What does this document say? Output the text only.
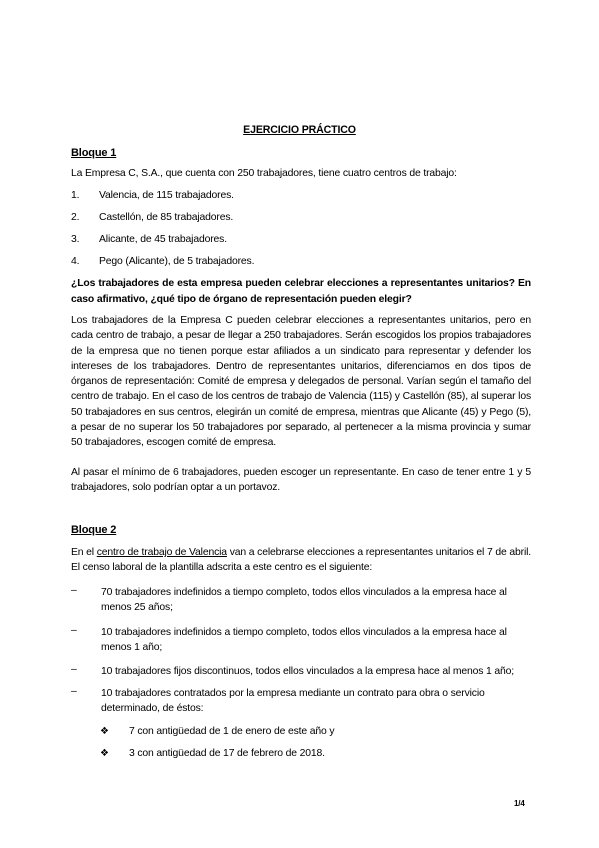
EJERCICIO PRÁCTICO
Bloque 1
La Empresa C, S.A., que cuenta con 250 trabajadores, tiene cuatro centros de trabajo:
1. Valencia, de 115 trabajadores.
2. Castellón, de 85 trabajadores.
3. Alicante, de 45 trabajadores.
4. Pego (Alicante), de 5 trabajadores.
¿Los trabajadores de esta empresa pueden celebrar elecciones a representantes unitarios? En caso afirmativo, ¿qué tipo de órgano de representación pueden elegir?
Los trabajadores de la Empresa C pueden celebrar elecciones a representantes unitarios, pero en cada centro de trabajo, a pesar de llegar a 250 trabajadores. Serán escogidos los propios trabajadores de la empresa que no tienen porque estar afiliados a un sindicato para representar y defender los intereses de los trabajadores. Dentro de representantes unitarios, diferenciamos en dos tipos de órganos de representación: Comité de empresa y delegados de personal. Varían según el tamaño del centro de trabajo. En el caso de los centros de trabajo de Valencia (115) y Castellón (85), al superar los 50 trabajadores en sus centros, elegirán un comité de empresa, mientras que Alicante (45) y Pego (5), a pesar de no superar los 50 trabajadores por separado, al pertenecer a la misma provincia y sumar 50 trabajadores, escogen comité de empresa.
Al pasar el mínimo de 6 trabajadores, pueden escoger un representante. En caso de tener entre 1 y 5 trabajadores, solo podrían optar a un portavoz.
Bloque 2
En el centro de trabajo de Valencia van a celebrarse elecciones a representantes unitarios el 7 de abril. El censo laboral de la plantilla adscrita a este centro es el siguiente:
– 70 trabajadores indefinidos a tiempo completo, todos ellos vinculados a la empresa hace al menos 25 años;
– 10 trabajadores indefinidos a tiempo completo, todos ellos vinculados a la empresa hace al menos 1 año;
– 10 trabajadores fijos discontinuos, todos ellos vinculados a la empresa hace al menos 1 año;
– 10 trabajadores contratados por la empresa mediante un contrato para obra o servicio determinado, de éstos:
❖ 7 con antigüedad de 1 de enero de este año y
❖ 3 con antigüedad de 17 de febrero de 2018.
1/4
